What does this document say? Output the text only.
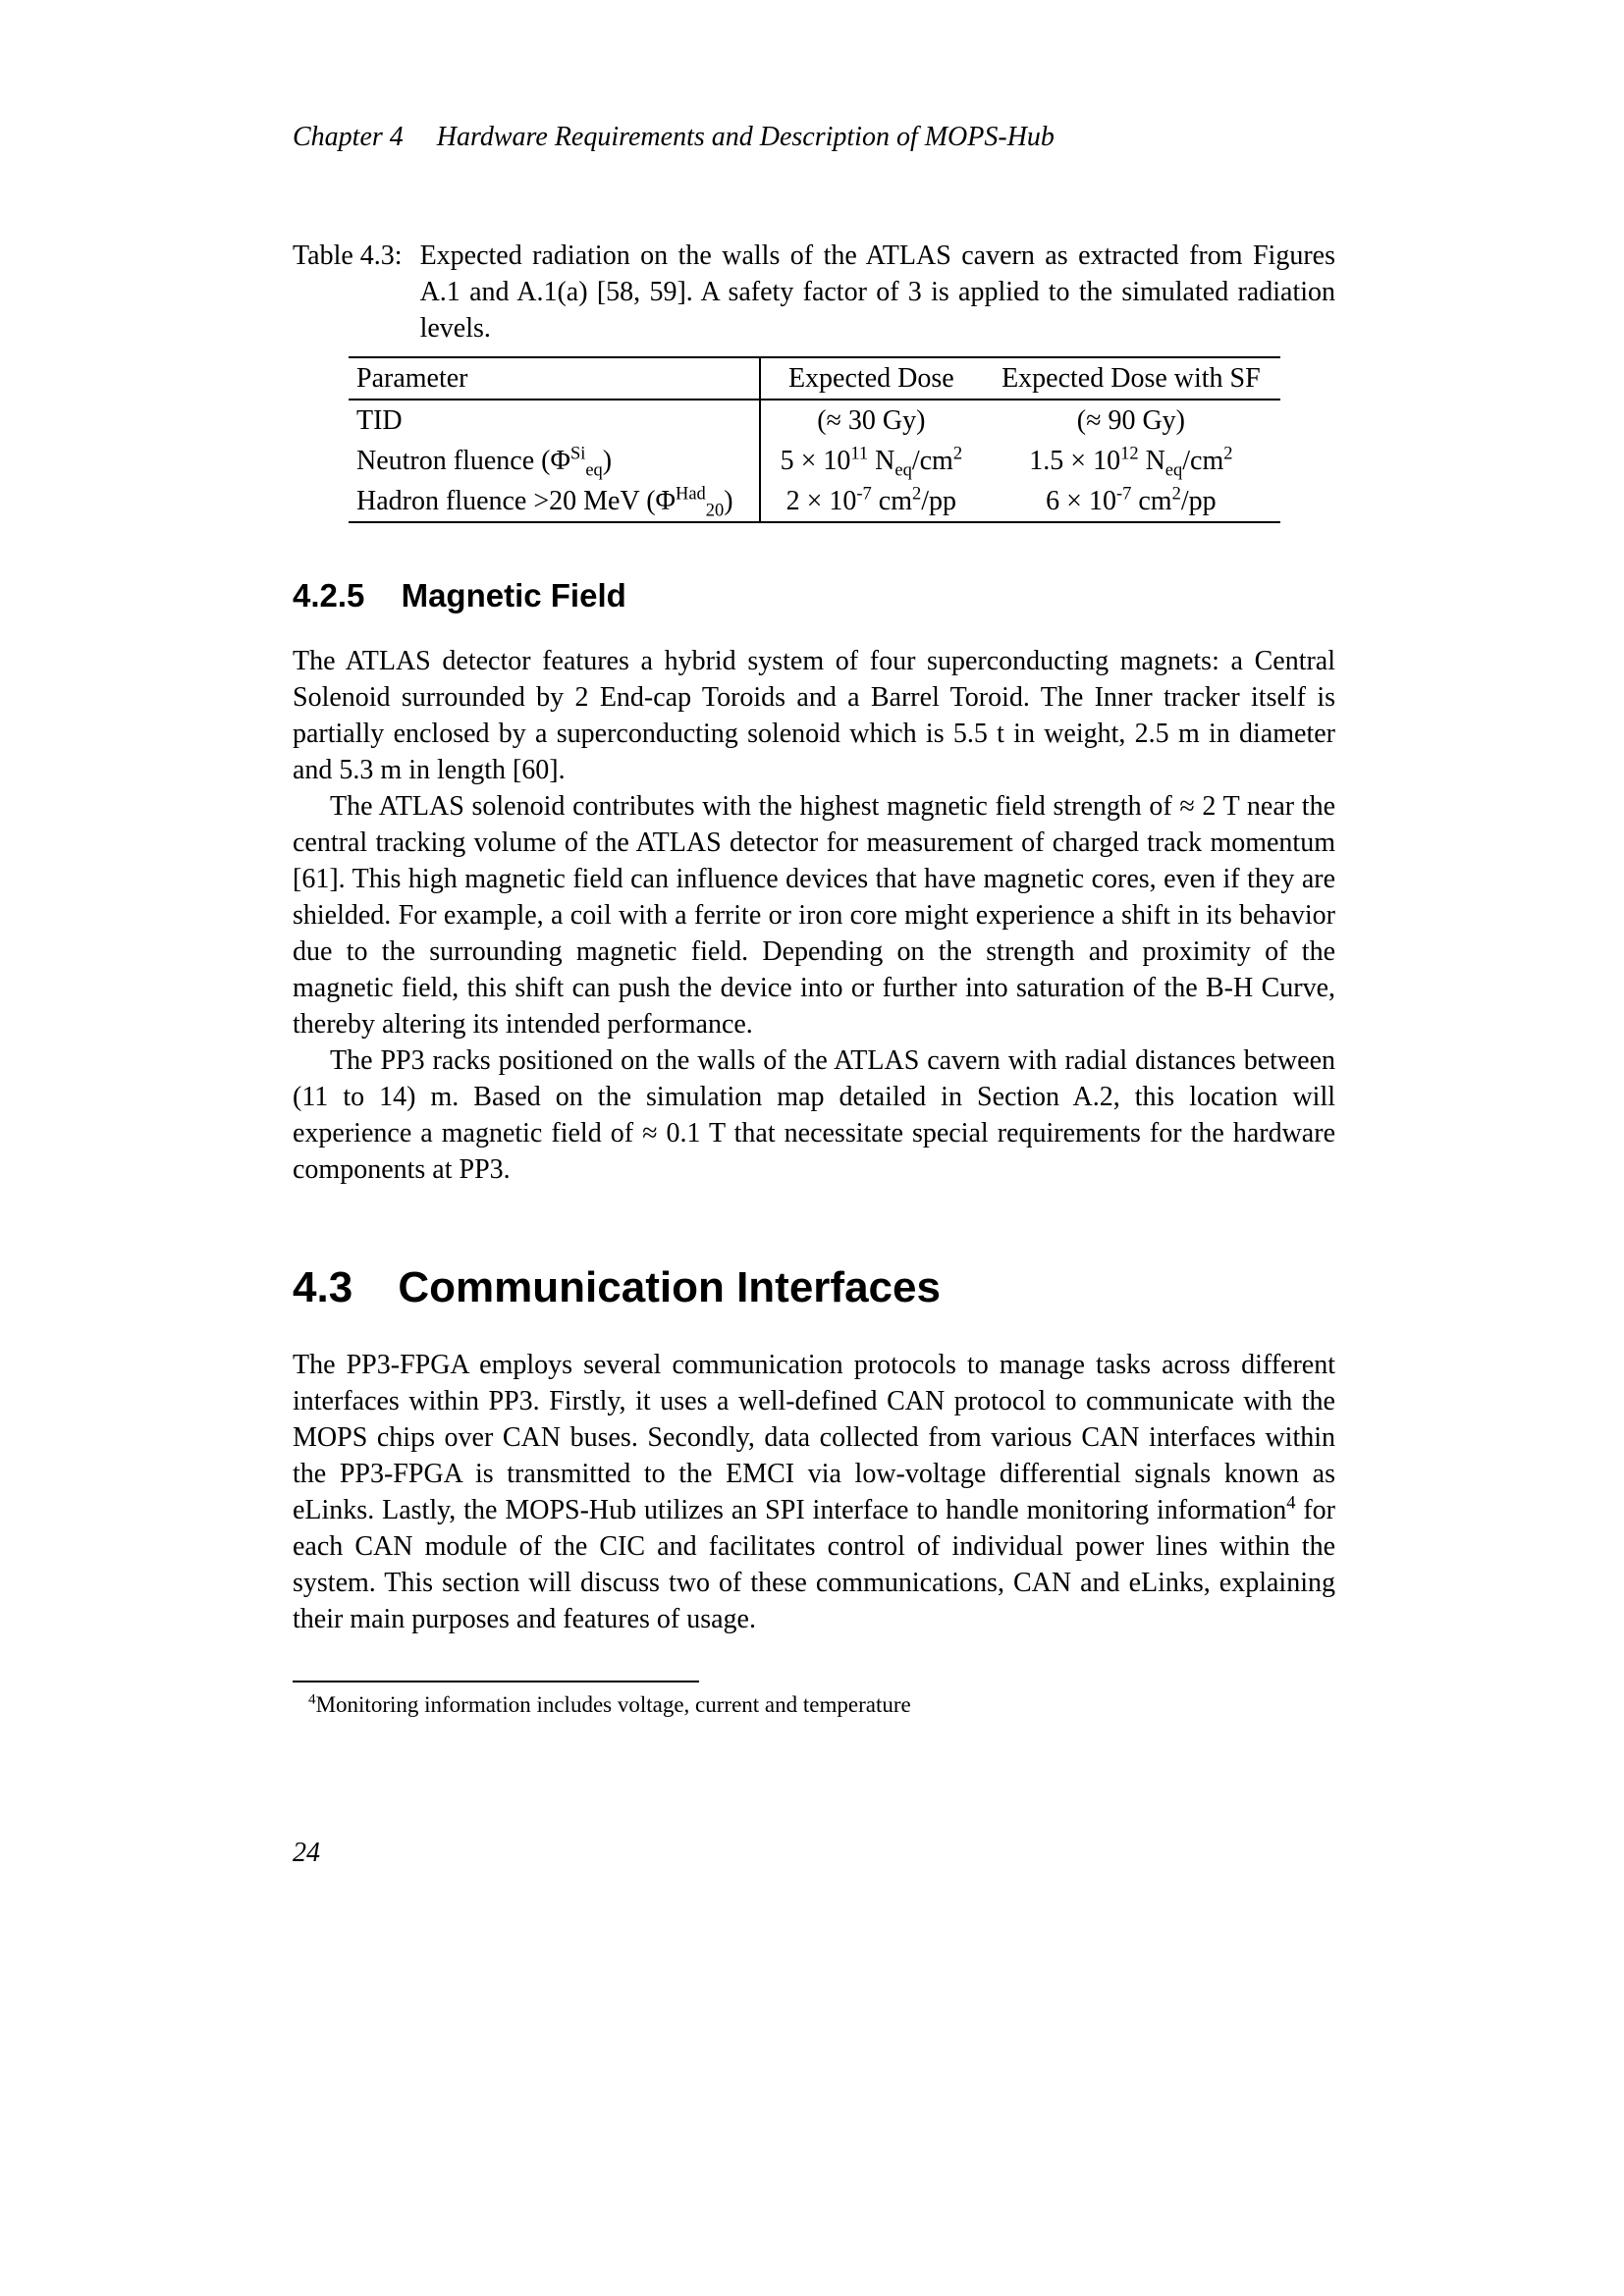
Chapter 4 Hardware Requirements and Description of MOPS-Hub
Table 4.3: Expected radiation on the walls of the ATLAS cavern as extracted from Figures A.1 and A.1(a) [58, 59]. A safety factor of 3 is applied to the simulated radiation levels.
Parameter	Expected Dose	Expected Dose with SF
TID	(≈ 30 Gy)	(≈ 90 Gy)
Neutron fluence $(\Phi^{Si}_{eq})$	$5 \times 10^{11}$ $N_{eq}/cm^2$	$1.5 \times 10^{12}$ $N_{eq}/cm^2$
Hadron fluence >20 MeV $(\Phi^{Had}_{20})$	$2 \times 10^{-7}$ $cm^2/pp$	$6 \times 10^{-7}$ $cm^2/pp$
4.2.5 Magnetic Field

The ATLAS detector features a hybrid system of four superconducting magnets: a Central Solenoid surrounded by 2 End-cap Toroids and a Barrel Toroid. The Inner tracker itself is partially enclosed by a superconducting solenoid which is 5.5 t in weight, 2.5 m in diameter and 5.3 m in length [60].

The ATLAS solenoid contributes with the highest magnetic field strength of ≈ 2 T near the central tracking volume of the ATLAS detector for measurement of charged track momentum [61]. This high magnetic field can influence devices that have magnetic cores, even if they are shielded. For example, a coil with a ferrite or iron core might experience a shift in its behavior due to the surrounding magnetic field. Depending on the strength and proximity of the magnetic field, this shift can push the device into or further into saturation of the B-H Curve, thereby altering its intended performance.

The PP3 racks positioned on the walls of the ATLAS cavern with radial distances between (11 to 14) m. Based on the simulation map detailed in Section A.2, this location will experience a magnetic field of ≈ 0.1 T that necessitate special requirements for the hardware components at PP3.

4.3 Communication Interfaces

The PP3-FPGA employs several communication protocols to manage tasks across different interfaces within PP3. Firstly, it uses a well-defined CAN protocol to communicate with the MOPS chips over CAN buses. Secondly, data collected from various CAN interfaces within the PP3-FPGA is transmitted to the EMCI via low-voltage differential signals known as eLinks. Lastly, the MOPS-Hub utilizes an SPI interface to handle monitoring information$^4$ for each CAN module of the CIC and facilitates control of individual power lines within the system. This section will discuss two of these communications, CAN and eLinks, explaining their main purposes and features of usage.

$^4$Monitoring information includes voltage, current and temperature
24
